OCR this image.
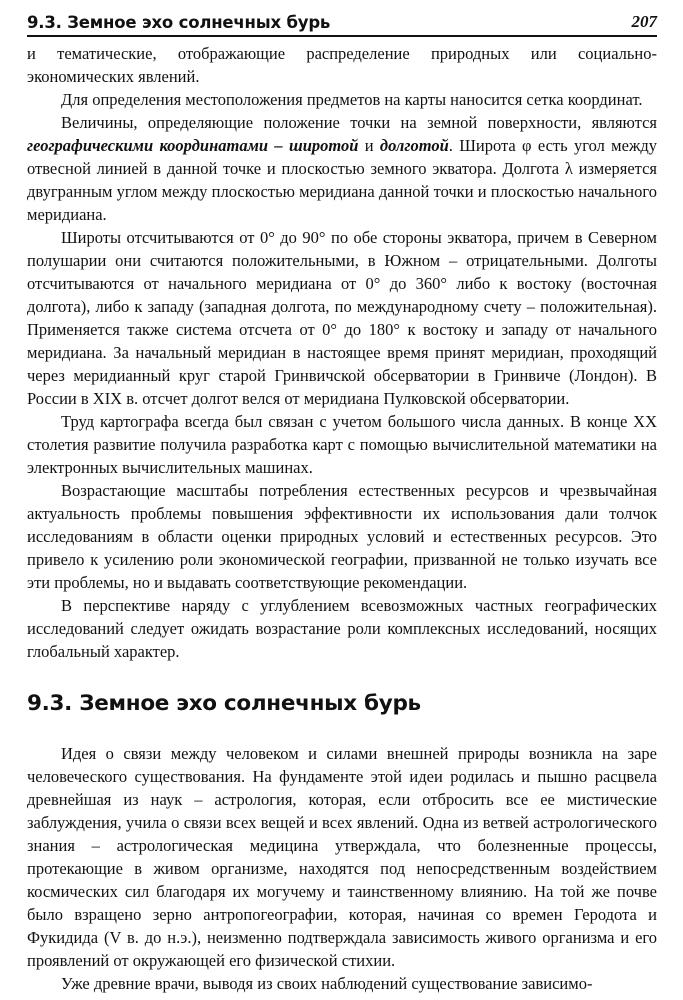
9.3. Земное эхо солнечных бурь	207

и тематические, отображающие распределение природных или социально-экономических явлений.

Для определения местоположения предметов на карты наносится сетка координат.

Величины, определяющие положение точки на земной поверхности, являются географическими координатами – широтой и долготой. Широта φ есть угол между отвесной линией в данной точке и плоскостью земного экватора. Долгота λ измеряется двугранным углом между плоскостью меридиана данной точки и плоскостью начального меридиана.

Широты отсчитываются от 0° до 90° по обе стороны экватора, причем в Северном полушарии они считаются положительными, в Южном – отрицательными. Долготы отсчитываются от начального меридиана от 0° до 360° либо к востоку (восточная долгота), либо к западу (западная долгота, по международному счету – положительная). Применяется также система отсчета от 0° до 180° к востоку и западу от начального меридиана. За начальный меридиан в настоящее время принят меридиан, проходящий через меридианный круг старой Гринвичской обсерватории в Гринвиче (Лондон). В России в XIX в. отсчет долгот велся от меридиана Пулковской обсерватории.

Труд картографа всегда был связан с учетом большого числа данных. В конце XX столетия развитие получила разработка карт с помощью вычислительной математики на электронных вычислительных машинах.

Возрастающие масштабы потребления естественных ресурсов и чрезвычайная актуальность проблемы повышения эффективности их использования дали толчок исследованиям в области оценки природных условий и естественных ресурсов. Это привело к усилению роли экономической географии, призванной не только изучать все эти проблемы, но и выдавать соответствующие рекомендации.

В перспективе наряду с углублением всевозможных частных географических исследований следует ожидать возрастание роли комплексных исследований, носящих глобальный характер.

9.3. Земное эхо солнечных бурь

Идея о связи между человеком и силами внешней природы возникла на заре человеческого существования. На фундаменте этой идеи родилась и пышно расцвела древнейшая из наук – астрология, которая, если отбросить все ее мистические заблуждения, учила о связи всех вещей и всех явлений. Одна из ветвей астрологического знания – астрологическая медицина утверждала, что болезненные процессы, протекающие в живом организме, находятся под непосредственным воздействием космических сил благодаря их могучему и таинственному влиянию. На той же почве было взращено зерно антропогеографии, которая, начиная со времен Геродота и Фукидида (V в. до н.э.), неизменно подтверждала зависимость живого организма и его проявлений от окружающей его физической стихии.

Уже древние врачи, выводя из своих наблюдений существование зависимо-
